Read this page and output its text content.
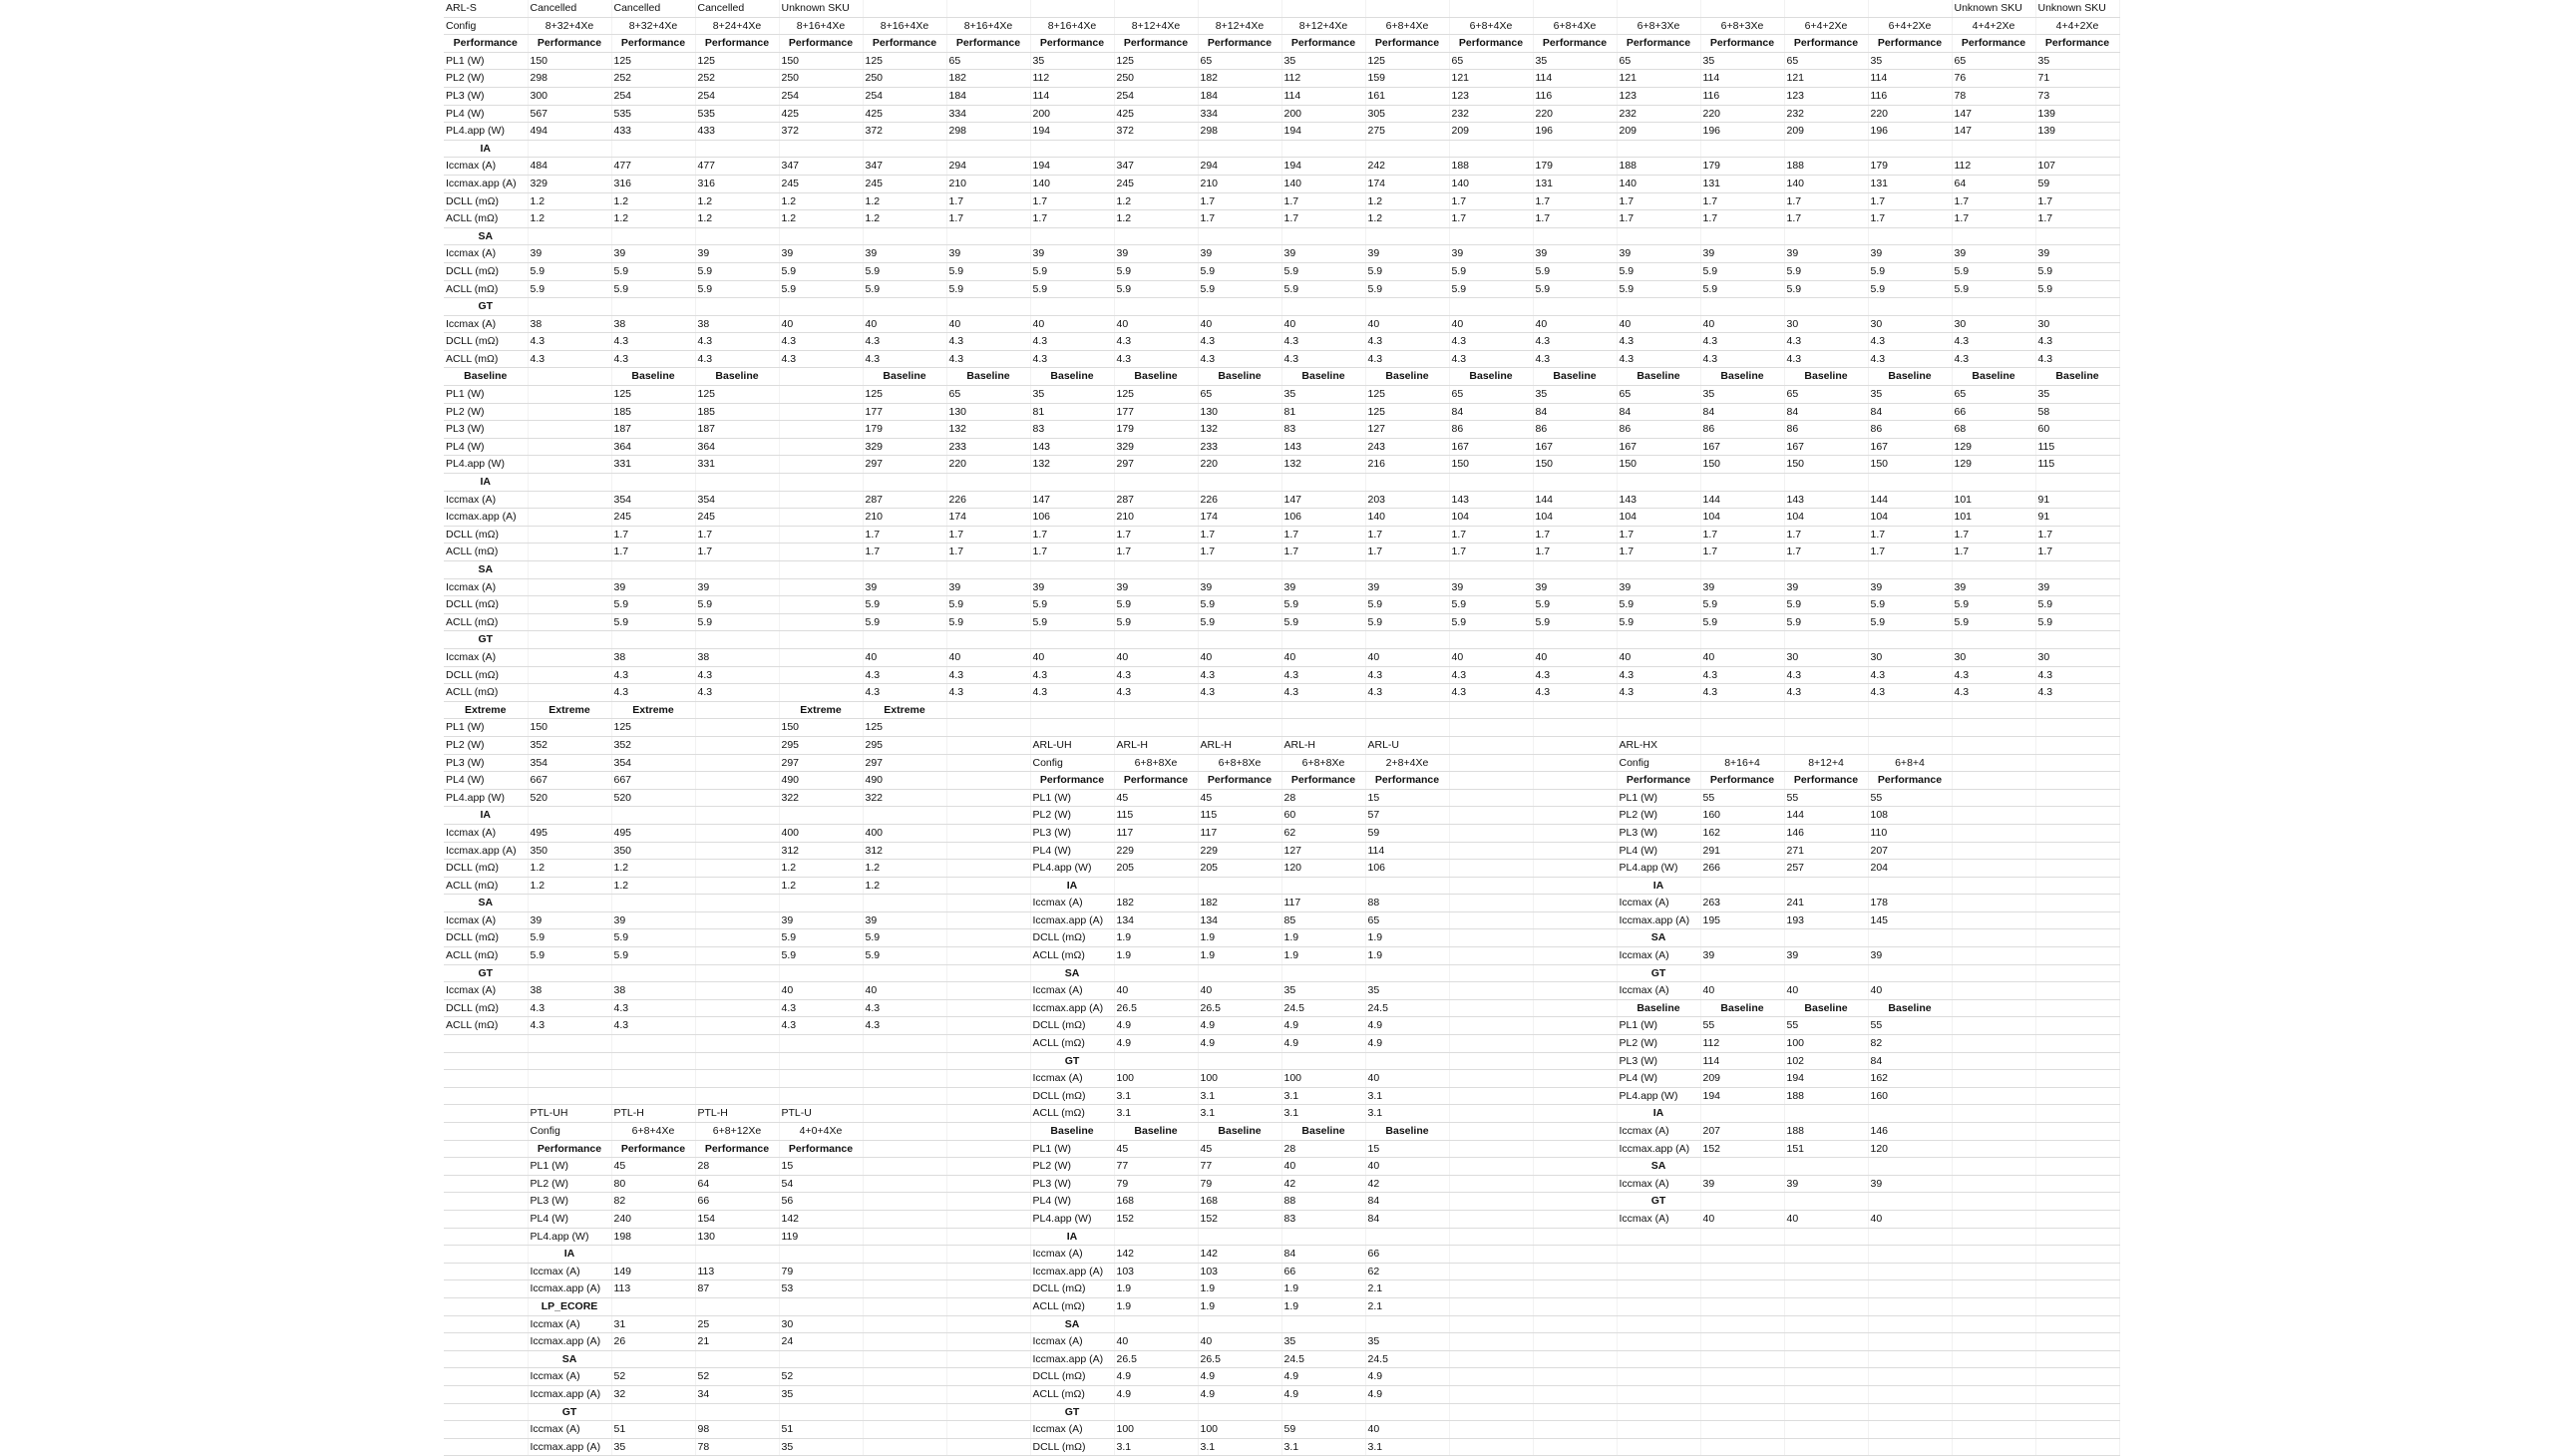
ARL-S	Cancelled	Cancelled	Cancelled	Unknown SKU														Unknown SKU	Unknown SKU
Config	8+32+4Xe	8+32+4Xe	8+24+4Xe	8+16+4Xe	8+16+4Xe	8+16+4Xe	8+16+4Xe	8+12+4Xe	8+12+4Xe	8+12+4Xe	6+8+4Xe	6+8+4Xe	6+8+4Xe	6+8+3Xe	6+8+3Xe	6+4+2Xe	6+4+2Xe	4+4+2Xe	4+4+2Xe
Performance	Performance	Performance	Performance	Performance	Performance	Performance	Performance	Performance	Performance	Performance	Performance	Performance	Performance	Performance	Performance	Performance	Performance	Performance	Performance
PL1 (W)	150	125	125	150	125	65	35	125	65	35	125	65	35	65	35	65	35	65	35
PL2 (W)	298	252	252	250	250	182	112	250	182	112	159	121	114	121	114	121	114	76	71
PL3 (W)	300	254	254	254	254	184	114	254	184	114	161	123	116	123	116	123	116	78	73
PL4 (W)	567	535	535	425	425	334	200	425	334	200	305	232	220	232	220	232	220	147	139
PL4.app (W)	494	433	433	372	372	298	194	372	298	194	275	209	196	209	196	209	196	147	139
IA																			
Iccmax (A)	484	477	477	347	347	294	194	347	294	194	242	188	179	188	179	188	179	112	107
Iccmax.app (A)	329	316	316	245	245	210	140	245	210	140	174	140	131	140	131	140	131	64	59
DCLL (mΩ)	1.2	1.2	1.2	1.2	1.2	1.7	1.7	1.2	1.7	1.7	1.2	1.7	1.7	1.7	1.7	1.7	1.7	1.7	1.7
ACLL (mΩ)	1.2	1.2	1.2	1.2	1.2	1.7	1.7	1.2	1.7	1.7	1.2	1.7	1.7	1.7	1.7	1.7	1.7	1.7	1.7
SA																			
Iccmax (A)	39	39	39	39	39	39	39	39	39	39	39	39	39	39	39	39	39	39	39
DCLL (mΩ)	5.9	5.9	5.9	5.9	5.9	5.9	5.9	5.9	5.9	5.9	5.9	5.9	5.9	5.9	5.9	5.9	5.9	5.9	5.9
ACLL (mΩ)	5.9	5.9	5.9	5.9	5.9	5.9	5.9	5.9	5.9	5.9	5.9	5.9	5.9	5.9	5.9	5.9	5.9	5.9	5.9
GT																			
Iccmax (A)	38	38	38	40	40	40	40	40	40	40	40	40	40	40	40	30	30	30	30
DCLL (mΩ)	4.3	4.3	4.3	4.3	4.3	4.3	4.3	4.3	4.3	4.3	4.3	4.3	4.3	4.3	4.3	4.3	4.3	4.3	4.3
ACLL (mΩ)	4.3	4.3	4.3	4.3	4.3	4.3	4.3	4.3	4.3	4.3	4.3	4.3	4.3	4.3	4.3	4.3	4.3	4.3	4.3
Baseline		Baseline	Baseline		Baseline	Baseline	Baseline	Baseline	Baseline	Baseline	Baseline	Baseline	Baseline	Baseline	Baseline	Baseline	Baseline	Baseline	Baseline
PL1 (W)		125	125		125	65	35	125	65	35	125	65	35	65	35	65	35	65	35
PL2 (W)		185	185		177	130	81	177	130	81	125	84	84	84	84	84	84	66	58
PL3 (W)		187	187		179	132	83	179	132	83	127	86	86	86	86	86	86	68	60
PL4 (W)		364	364		329	233	143	329	233	143	243	167	167	167	167	167	167	129	115
PL4.app (W)		331	331		297	220	132	297	220	132	216	150	150	150	150	150	150	129	115
IA																			
Iccmax (A)		354	354		287	226	147	287	226	147	203	143	144	143	144	143	144	101	91
Iccmax.app (A)		245	245		210	174	106	210	174	106	140	104	104	104	104	104	104	101	91
DCLL (mΩ)		1.7	1.7		1.7	1.7	1.7	1.7	1.7	1.7	1.7	1.7	1.7	1.7	1.7	1.7	1.7	1.7	1.7
ACLL (mΩ)		1.7	1.7		1.7	1.7	1.7	1.7	1.7	1.7	1.7	1.7	1.7	1.7	1.7	1.7	1.7	1.7	1.7
SA																			
Iccmax (A)		39	39		39	39	39	39	39	39	39	39	39	39	39	39	39	39	39
DCLL (mΩ)		5.9	5.9		5.9	5.9	5.9	5.9	5.9	5.9	5.9	5.9	5.9	5.9	5.9	5.9	5.9	5.9	5.9
ACLL (mΩ)		5.9	5.9		5.9	5.9	5.9	5.9	5.9	5.9	5.9	5.9	5.9	5.9	5.9	5.9	5.9	5.9	5.9
GT																			
Iccmax (A)		38	38		40	40	40	40	40	40	40	40	40	40	40	30	30	30	30
DCLL (mΩ)		4.3	4.3		4.3	4.3	4.3	4.3	4.3	4.3	4.3	4.3	4.3	4.3	4.3	4.3	4.3	4.3	4.3
ACLL (mΩ)		4.3	4.3		4.3	4.3	4.3	4.3	4.3	4.3	4.3	4.3	4.3	4.3	4.3	4.3	4.3	4.3	4.3
Extreme	Extreme	Extreme		Extreme	Extreme														
PL1 (W)	150	125		150	125														
PL2 (W)	352	352		295	295		ARL-UH	ARL-H	ARL-H	ARL-H	ARL-U			ARL-HX					
PL3 (W)	354	354		297	297		Config	6+8+8Xe	6+8+8Xe	6+8+8Xe	2+8+4Xe			Config	8+16+4	8+12+4	6+8+4		
PL4 (W)	667	667		490	490		Performance	Performance	Performance	Performance	Performance			Performance	Performance	Performance	Performance		
PL4.app (W)	520	520		322	322		PL1 (W)	45	45	28	15			PL1 (W)	55	55	55		
IA							PL2 (W)	115	115	60	57			PL2 (W)	160	144	108		
Iccmax (A)	495	495		400	400		PL3 (W)	117	117	62	59			PL3 (W)	162	146	110		
Iccmax.app (A)	350	350		312	312		PL4 (W)	229	229	127	114			PL4 (W)	291	271	207		
DCLL (mΩ)	1.2	1.2		1.2	1.2		PL4.app (W)	205	205	120	106			PL4.app (W)	266	257	204		
ACLL (mΩ)	1.2	1.2		1.2	1.2		IA							IA					
SA							Iccmax (A)	182	182	117	88			Iccmax (A)	263	241	178		
Iccmax (A)	39	39		39	39		Iccmax.app (A)	134	134	85	65			Iccmax.app (A)	195	193	145		
DCLL (mΩ)	5.9	5.9		5.9	5.9		DCLL (mΩ)	1.9	1.9	1.9	1.9			SA					
ACLL (mΩ)	5.9	5.9		5.9	5.9		ACLL (mΩ)	1.9	1.9	1.9	1.9			Iccmax (A)	39	39	39		
GT							SA							GT					
Iccmax (A)	38	38		40	40		Iccmax (A)	40	40	35	35			Iccmax (A)	40	40	40		
DCLL (mΩ)	4.3	4.3		4.3	4.3		Iccmax.app (A)	26.5	26.5	24.5	24.5			Baseline	Baseline	Baseline	Baseline		
ACLL (mΩ)	4.3	4.3		4.3	4.3		DCLL (mΩ)	4.9	4.9	4.9	4.9			PL1 (W)	55	55	55		
							ACLL (mΩ)	4.9	4.9	4.9	4.9			PL2 (W)	112	100	82		
							GT							PL3 (W)	114	102	84		
							Iccmax (A)	100	100	100	40			PL4 (W)	209	194	162		
							DCLL (mΩ)	3.1	3.1	3.1	3.1			PL4.app (W)	194	188	160		
	PTL-UH	PTL-H	PTL-H	PTL-U			ACLL (mΩ)	3.1	3.1	3.1	3.1			IA					
	Config	6+8+4Xe	6+8+12Xe	4+0+4Xe			Baseline	Baseline	Baseline	Baseline	Baseline			Iccmax (A)	207	188	146		
	Performance	Performance	Performance	Performance			PL1 (W)	45	45	28	15			Iccmax.app (A)	152	151	120		
	PL1 (W)	45	28	15			PL2 (W)	77	77	40	40			SA					
	PL2 (W)	80	64	54			PL3 (W)	79	79	42	42			Iccmax (A)	39	39	39		
	PL3 (W)	82	66	56			PL4 (W)	168	168	88	84			GT					
	PL4 (W)	240	154	142			PL4.app (W)	152	152	83	84			Iccmax (A)	40	40	40		
	PL4.app (W)	198	130	119			IA												
	IA						Iccmax (A)	142	142	84	66								
	Iccmax (A)	149	113	79			Iccmax.app (A)	103	103	66	62								
	Iccmax.app (A)	113	87	53			DCLL (mΩ)	1.9	1.9	1.9	2.1								
	LP_ECORE						ACLL (mΩ)	1.9	1.9	1.9	2.1								
	Iccmax (A)	31	25	30			SA												
	Iccmax.app (A)	26	21	24			Iccmax (A)	40	40	35	35								
	SA						Iccmax.app (A)	26.5	26.5	24.5	24.5								
	Iccmax (A)	52	52	52			DCLL (mΩ)	4.9	4.9	4.9	4.9								
	Iccmax.app (A)	32	34	35			ACLL (mΩ)	4.9	4.9	4.9	4.9								
	GT						GT												
	Iccmax (A)	51	98	51			Iccmax (A)	100	100	59	40								
	Iccmax.app (A)	35	78	35			DCLL (mΩ)	3.1	3.1	3.1	3.1								
